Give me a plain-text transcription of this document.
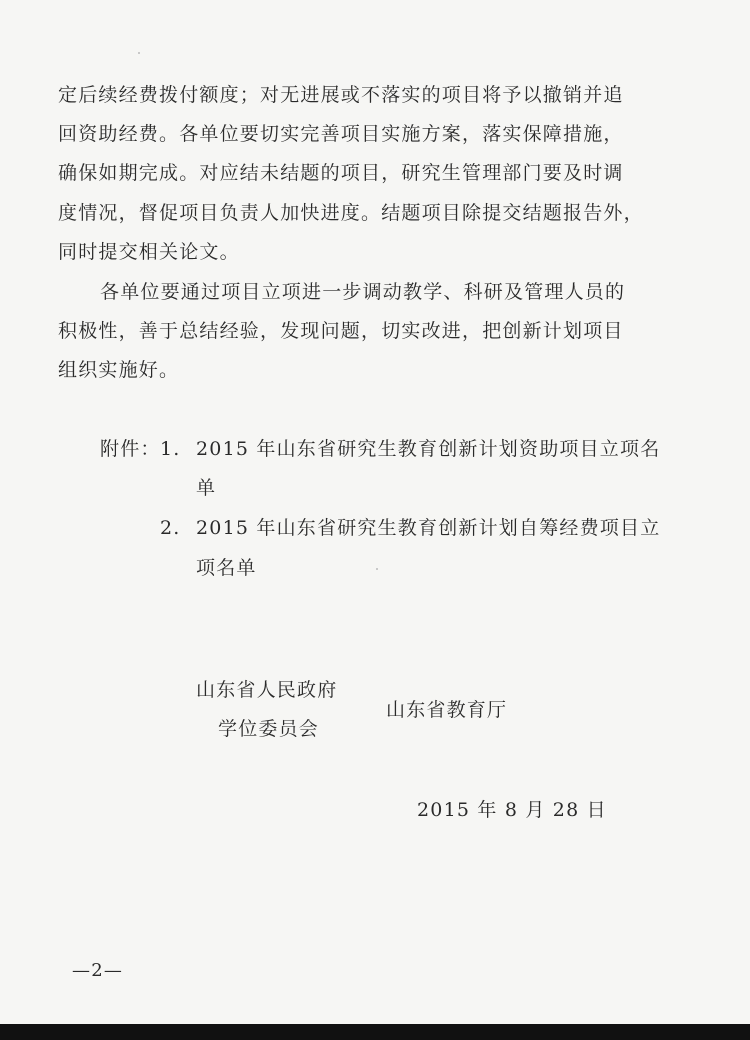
定后续经费拨付额度；对无进展或不落实的项目将予以撤销并追
回资助经费。各单位要切实完善项目实施方案，落实保障措施，
确保如期完成。对应结未结题的项目，研究生管理部门要及时调
度情况，督促项目负责人加快进度。结题项目除提交结题报告外，
同时提交相关论文。
各单位要通过项目立项进一步调动教学、科研及管理人员的
积极性，善于总结经验，发现问题，切实改进，把创新计划项目
组织实施好。
附件： 1. 2015 年山东省研究生教育创新计划资助项目立项名
单
2. 2015 年山东省研究生教育创新计划自筹经费项目立
项名单
山东省人民政府
学位委员会
山东省教育厅
2015 年 8 月 28 日
—2—
